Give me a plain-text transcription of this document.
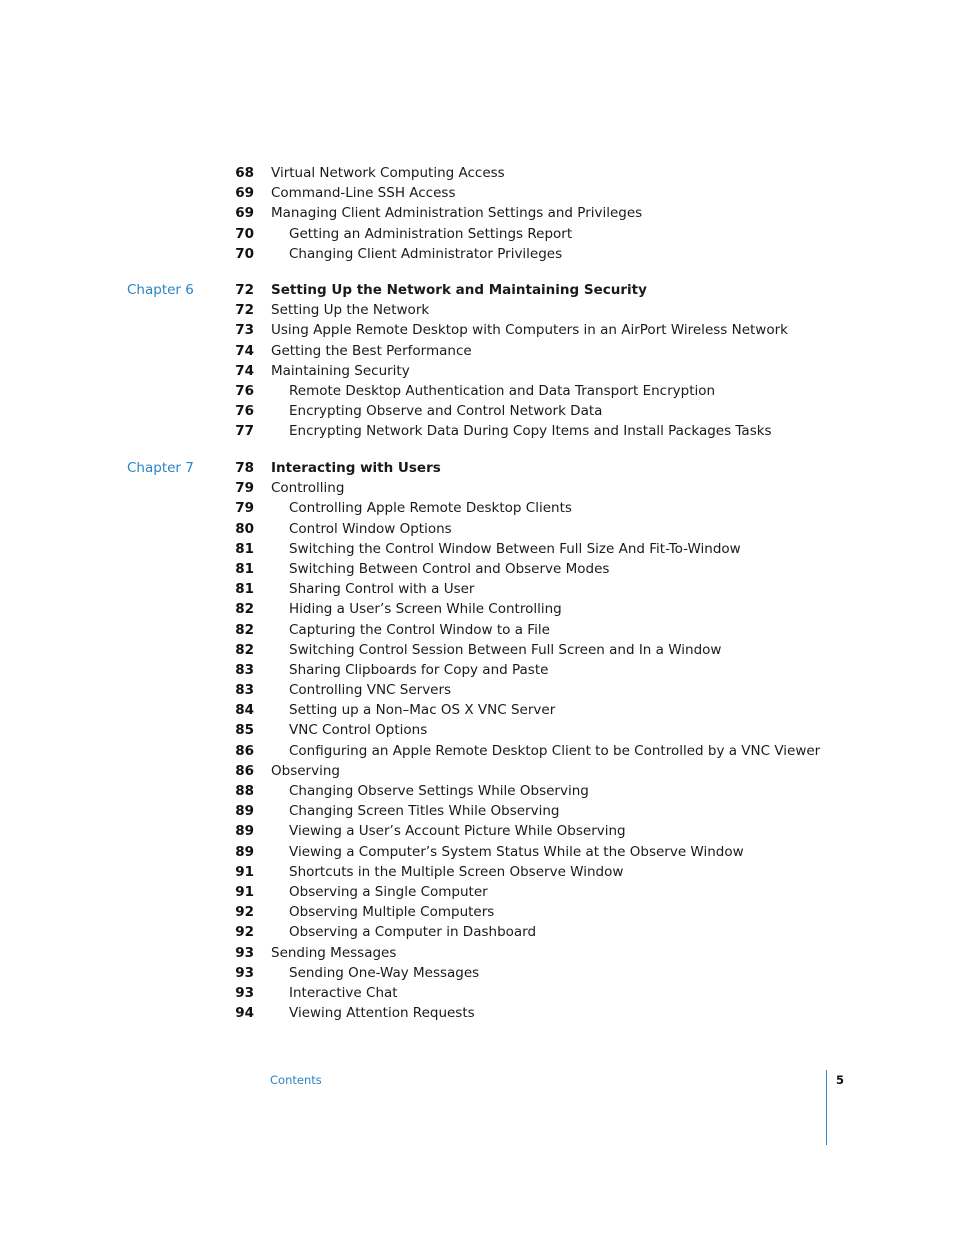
68 Virtual Network Computing Access
69 Command-Line SSH Access
69 Managing Client Administration Settings and Privileges
70	Getting an Administration Settings Report
70	Changing Client Administrator Privileges
Chapter 6	72 Setting Up the Network and Maintaining Security
72 Setting Up the Network
73 Using Apple Remote Desktop with Computers in an AirPort Wireless Network
74 Getting the Best Performance
74 Maintaining Security
76	Remote Desktop Authentication and Data Transport Encryption
76	Encrypting Observe and Control Network Data
77	Encrypting Network Data During Copy Items and Install Packages Tasks
Chapter 7	78 Interacting with Users
79 Controlling
79	Controlling Apple Remote Desktop Clients
80	Control Window Options
81	Switching the Control Window Between Full Size And Fit-To-Window
81	Switching Between Control and Observe Modes
81	Sharing Control with a User
82	Hiding a User’s Screen While Controlling
82	Capturing the Control Window to a File
82	Switching Control Session Between Full Screen and In a Window
83	Sharing Clipboards for Copy and Paste
83	Controlling VNC Servers
84	Setting up a Non–Mac OS X VNC Server
85	VNC Control Options
86	Configuring an Apple Remote Desktop Client to be Controlled by a VNC Viewer
86 Observing
88	Changing Observe Settings While Observing
89	Changing Screen Titles While Observing
89	Viewing a User’s Account Picture While Observing
89	Viewing a Computer’s System Status While at the Observe Window
91	Shortcuts in the Multiple Screen Observe Window
91	Observing a Single Computer
92	Observing Multiple Computers
92	Observing a Computer in Dashboard
93 Sending Messages
93	Sending One-Way Messages
93	Interactive Chat
94	Viewing Attention Requests
Contents	5
